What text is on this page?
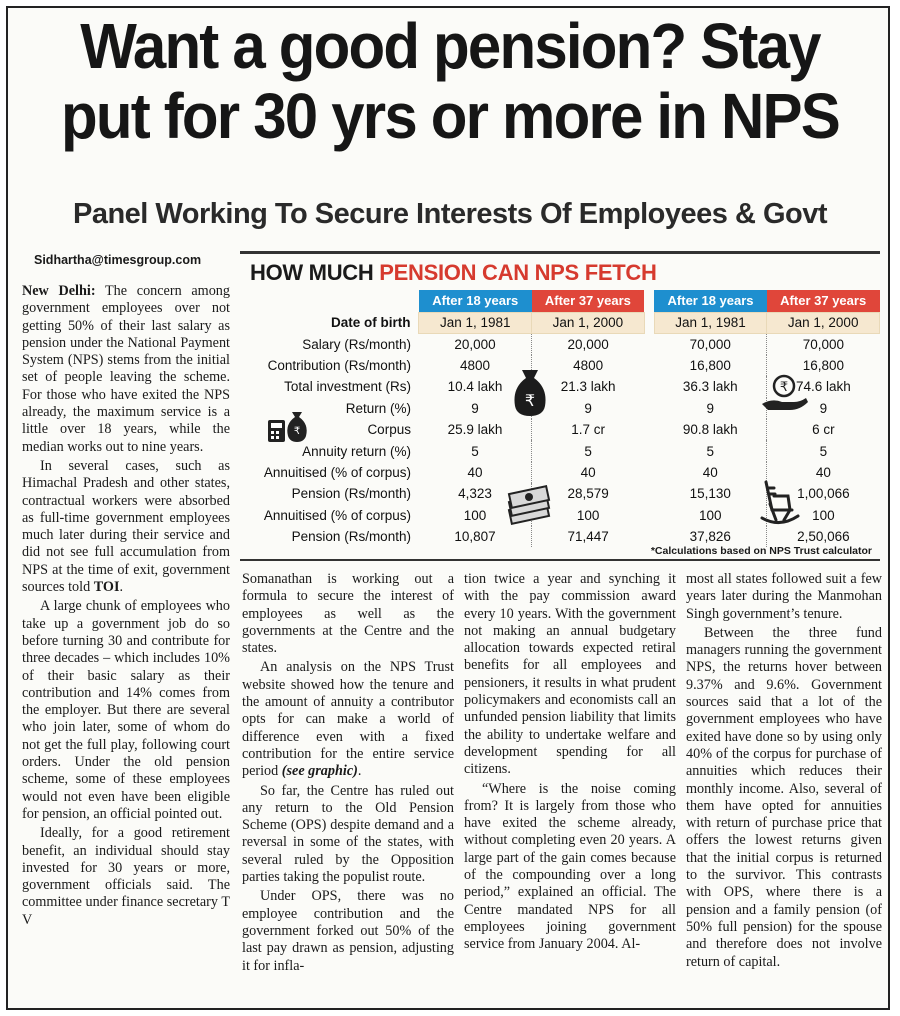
Want a good pension? Stay
put for 30 yrs or more in NPS
Panel Working To Secure Interests Of Employees & Govt
Sidhartha@timesgroup.com

New Delhi: The concern among government employees over not getting 50% of their last salary as pension under the National Payment System (NPS) stems from the initial set of people leaving the scheme. For those who have exited the NPS already, the maximum service is a little over 18 years, while the median works out to nine years.

In several cases, such as Himachal Pradesh and other states, contractual workers were absorbed as full-time government employees much later during their service and did not see full accumulation from NPS at the time of exit, government sources told TOI.

A large chunk of employees who take up a government job do so before turning 30 and contribute for three decades – which includes 10% of their basic salary as their contribution and 14% comes from the employer. But there are several who join later, some of whom do not get the full play, following court orders. Under the old pension scheme, some of these employees would not even have been eligible for pension, an official pointed out.

Ideally, for a good retirement benefit, an individual should stay invested for 30 years or more, government officials said. The committee under finance secretary T V

HOW MUCH PENSION CAN NPS FETCH
	After 18 years	After 37 years		After 18 years	After 37 years
Date of birth	Jan 1, 1981	Jan 1, 2000		Jan 1, 1981	Jan 1, 2000
Salary (Rs/month)	20,000	20,000		70,000	70,000
Contribution (Rs/month)	4800	4800		16,800	16,800
Total investment (Rs)	10.4 lakh	21.3 lakh		36.3 lakh	74.6 lakh
Return (%)	9	9		9	9
Corpus	25.9 lakh	1.7 cr		90.8 lakh	6 cr
Annuity return (%)	5	5		5	5
Annuitised (% of corpus)	40	40		40	40
Pension (Rs/month)	4,323	28,579		15,130	1,00,066
Annuitised (% of corpus)	100	100		100	100
Pension (Rs/month)	10,807	71,447		37,826	2,50,066
*Calculations based on NPS Trust calculator
₹
₹
₹

Somanathan is working out a formula to secure the interest of employees as well as the governments at the Centre and the states.

An analysis on the NPS Trust website showed how the tenure and the amount of annuity a contributor opts for can make a world of difference even with a fixed contribution for the entire service period (see graphic).

So far, the Centre has ruled out any return to the Old Pension Scheme (OPS) despite demand and a reversal in some of the states, with several ruled by the Opposition parties taking the populist route.

Under OPS, there was no employee contribution and the government forked out 50% of the last pay drawn as pension, adjusting it for infla-

tion twice a year and synching it with the pay commission award every 10 years. With the government not making an annual budgetary allocation towards expected retiral benefits for all employees and pensioners, it results in what prudent policymakers and economists call an unfunded pension liability that limits the ability to undertake welfare and development spending for all citizens.

“Where is the noise coming from? It is largely from those who have exited the scheme already, without completing even 20 years. A large part of the gain comes because of the compounding over a long period,” explained an official. The Centre mandated NPS for all employees joining government service from January 2004. Al-

most all states followed suit a few years later during the Manmohan Singh government’s tenure.

Between the three fund managers running the government NPS, the returns hover between 9.37% and 9.6%. Government sources said that a lot of the government employees who have exited have done so by using only 40% of the corpus for purchase of annuities which reduces their monthly income. Also, several of them have opted for annuities with return of purchase price that offers the lowest returns given that the initial corpus is returned to the survivor. This contrasts with OPS, where there is a pension and a family pension (of 50% full pension) for the spouse and therefore does not involve return of capital.
